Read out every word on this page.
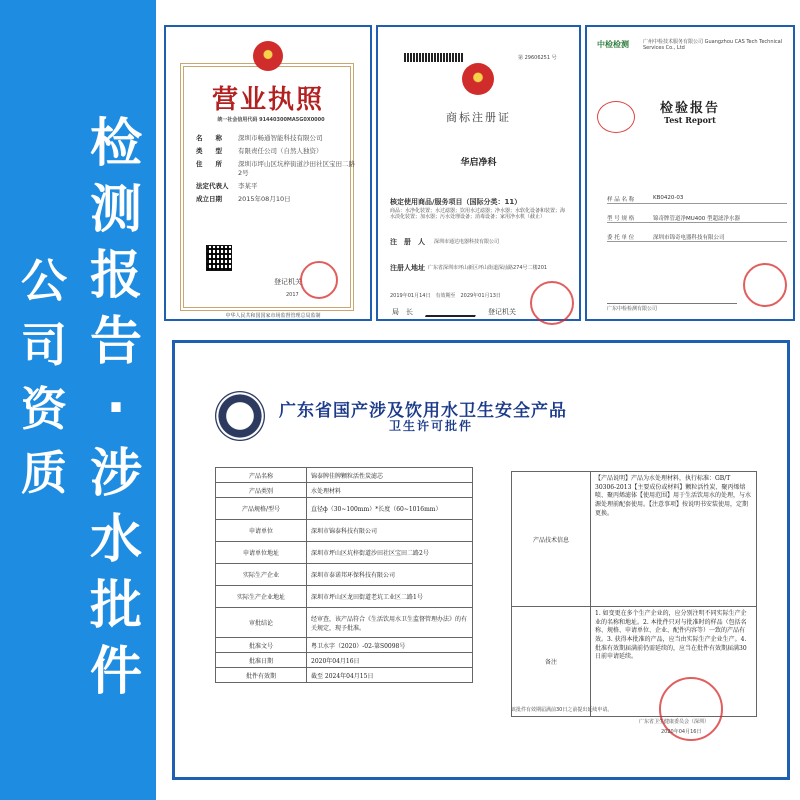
公
司
资
质
检
测
报
告
·
涉
水
批
件
营业执照
统一社会信用代码 91440300MA5G0X0000
名　　称	深圳市畅通智能科技有限公司
类　　型	有限责任公司（自然人独资）
住　　所	深圳市坪山区坑梓街道沙田社区宝田二路2号
法定代表人	李某平
成立日期	2015年08月10日
登记机关
2017
中华人民共和国国家市场监督管理总局监制
第 29606251 号
商标注册证
华启净科
核定使用商品/服务项目（国际分类：11）
商品：水净化装置；水过滤器；饮用水过滤器；净水器；水软化设备和装置；海水淡化装置；加水器；污水处理设备；消毒设备；家用净水机（截止）
注　册　人 深圳市通达电器科技有限公司
注册人地址 广东省深圳市坪山新区坪山街道深汕路274号二楼201
2019年01月14日　有效期至　2029年01月13日
局　长	登记机关
中检检测	广州中检技术服务有限公司 Guangzhou CAS Tech Technical Services Co., Ltd
检验报告
Test Report
样 品 名 称	KB0420-03
型 号 规 格	锦奇牌管道净MU400 型超滤净水器
委 托 单 位	深圳市锦奇电器科技有限公司
广东中检检测有限公司
广东省国产涉及饮用水卫生安全产品
卫生许可批件
产品名称	锦泰牌佳牌颗粒活性炭滤芯
产品类别	水处理材料
产品规格/型号	直径ф（30~100mm）*长度（60~1016mm）
申请单位	深圳市锦泰科技有限公司
申请单位地址	深圳市坪山区坑梓街道沙田社区宝田二路2号
实际生产企业	深圳市泰诺邦环保科技有限公司
实际生产企业地址	深圳市坪山区龙田街道老坑工业区二路1号
审批结论	经审查，该产品符合《生活饮用水卫生监督管理办法》的有关规定，现予批准。
批准文号	粤卫水字（2020）-02-第S0098号
批准日期	2020年04月16日
批件有效期	截至 2024年04月15日
产品技术信息	【产品说明】产品为水处理材料，执行标准：GB/T 30306-2013【主要成份或材料】颗粒活性炭、聚丙烯熔喷、聚丙烯滤体【使用范围】用于生活饮用水的处理，与水源处理前配套使用。【注意事项】按说明书安装使用，定期更换。
备注	1. 如变更在多个生产企业的，应分别注明不同实际生产企业的名称和地址。2. 本批件只对与批准时的样品（包括名称、规格、申请单位、企业、配件内容等）一致的产品有效。3. 获得本批准的产品，应当由实际生产企业生产。4. 批准有效期届满前仍需延续的，应当在批件有效期届满30日前申请延续。
该批件有效期届满前30日之前提出延续申请。
广东省卫生健康委员会（深圳）
2020年04月16日
